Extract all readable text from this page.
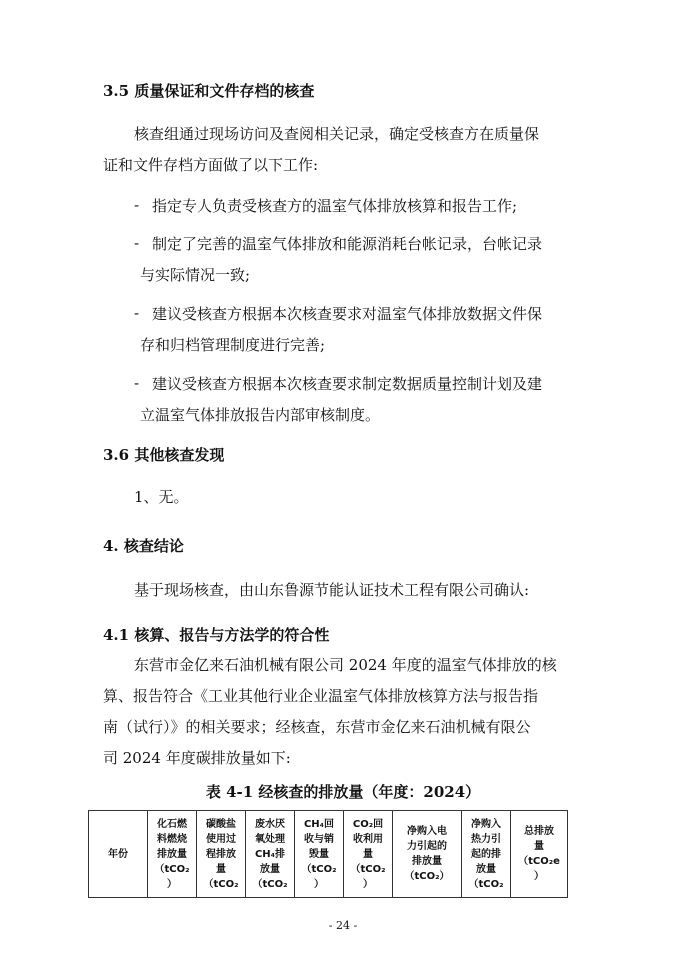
3.5 质量保证和文件存档的核查
核查组通过现场访问及查阅相关记录，确定受核查方在质量保
证和文件存档方面做了以下工作:
- 指定专人负责受核查方的温室气体排放核算和报告工作;
- 制定了完善的温室气体排放和能源消耗台帐记录，台帐记录
与实际情况一致;
- 建议受核查方根据本次核查要求对温室气体排放数据文件保
存和归档管理制度进行完善;
- 建议受核查方根据本次核查要求制定数据质量控制计划及建
立温室气体排放报告内部审核制度。
3.6 其他核查发现
1、无。
4. 核查结论
基于现场核查，由山东鲁源节能认证技术工程有限公司确认:
4.1 核算、报告与方法学的符合性
东营市金亿来石油机械有限公司 2024 年度的温室气体排放的核
算、报告符合《工业其他行业企业温室气体排放核算方法与报告指
南（试行）》的相关要求；经核查，东营市金亿来石油机械有限公
司 2024 年度碳排放量如下:
表 4-1 经核查的排放量（年度：2024）
年份	化石燃
料燃烧
排放量
（tCO₂
）	碳酸盐
使用过
程排放
量
（tCO₂	废水厌
氧处理
CH₄排
放量
（tCO₂	CH₄回
收与销
毁量
（tCO₂
）	CO₂回
收利用
量
（tCO₂
）	净购入电
力引起的
排放量
（tCO₂）	净购入
热力引
起的排
放量
（tCO₂	总排放
量
（tCO₂e
）
- 24 -
